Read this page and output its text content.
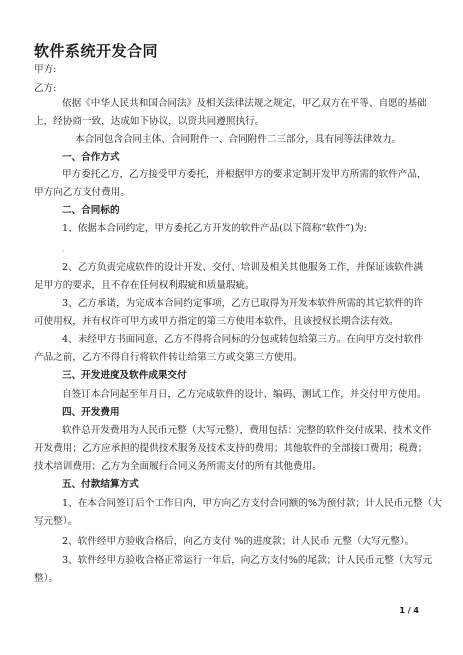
软件系统开发合同
甲方:
乙方:
依据《中华人民共和国合同法》及相关法律法规之规定，甲乙双方在平等、自愿的基础
上，经协商一致，达成如下协议，以资共同遵照执行。
本合同包含合同主体、合同附件一、合同附件二三部分，具有同等法律效力。
一、合作方式
甲方委托乙方，乙方接受甲方委托，并根据甲方的要求定制开发甲方所需的软件产品，
甲方向乙方支付费用。
二、合同标的
1、依据本合同约定，甲方委托乙方开发的软件产品(以下简称“软件”)为:
。
2、乙方负责完成软件的设计开发、交付、培训及相关其他服务工作，并保证该软件满
足甲方的要求，且不存在任何权利瑕疵和质量瑕疵。
3、乙方承诺，为完成本合同约定事项，乙方已取得为开发本软件所需的其它软件的许
可使用权，并有权许可甲方或甲方指定的第三方使用本软件，且该授权长期合法有效。
4、未经甲方书面同意，乙方不得将合同标的分包或转包给第三方。在向甲方交付软件
产品之前，乙方不得自行将软件转让给第三方或交第三方使用。
三、开发进度及软件成果交付
自签订本合同起至年月日，乙方完成软件的设计、编码、测试工作，并交付甲方使用。
四、开发费用
软件总开发费用为人民币元整（大写元整），费用包括：完整的软件交付成果、技术文件
开发费用；乙方应承担的提供技术服务及技术支持的费用；其他软件的全部接口费用；税费；
技术培训费用；乙方为全面履行合同义务所需支付的所有其他费用。
五、付款结算方式
1、在本合同签订后个工作日内，甲方向乙方支付合同额的%为预付款；计人民币元整（大
写元整）。
2、软件经甲方验收合格后，向乙方支付 %的进度款；计人民币 元整（大写元整）。
3、软件经甲方验收合格正常运行一年后，向乙方支付%的尾款；计人民币元整（大写元
整）。
1 / 4
